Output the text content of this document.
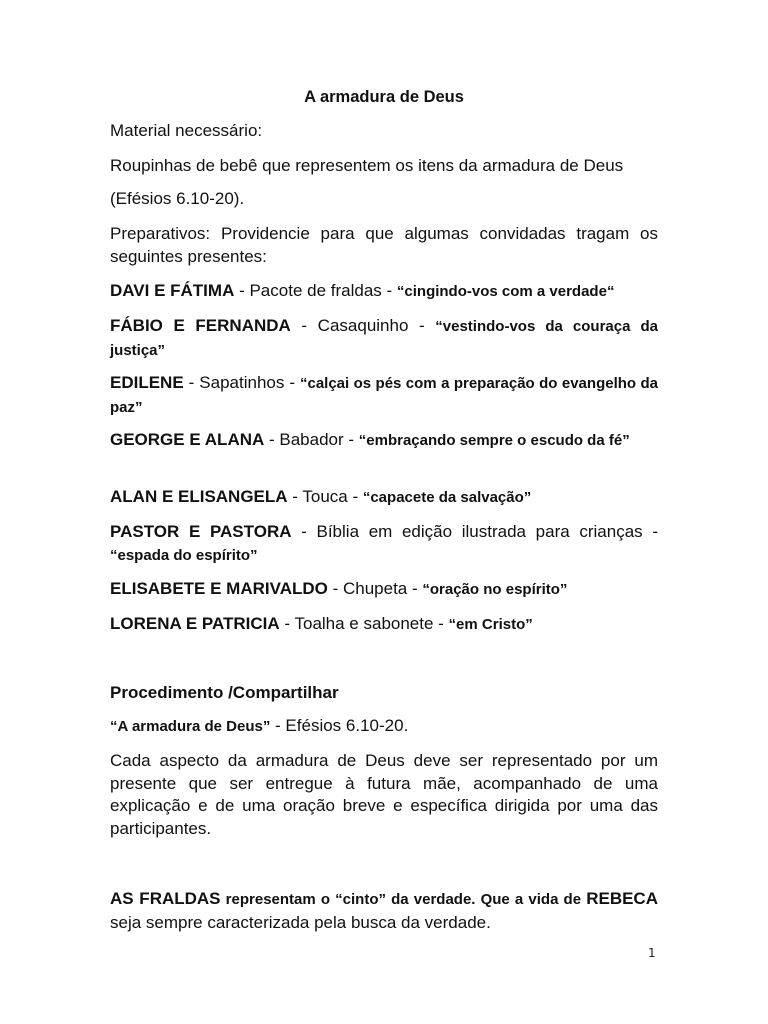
A armadura de Deus
Material necessário:
Roupinhas de bebê que representem os itens da armadura de Deus
(Efésios 6.10-20).
Preparativos: Providencie para que algumas convidadas tragam os seguintes presentes:
DAVI E FÁTIMA - Pacote de fraldas - “cingindo-vos com a verdade“
FÁBIO E FERNANDA - Casaquinho - “vestindo-vos da couraça da justiça”
EDILENE - Sapatinhos - “calçai os pés com a preparação do evangelho da paz”
GEORGE E ALANA - Babador - “embraçando sempre o escudo da fé”
ALAN E ELISANGELA - Touca - “capacete da salvação”
PASTOR E PASTORA - Bíblia em edição ilustrada para crianças - “espada do espírito”
ELISABETE E MARIVALDO - Chupeta - “oração no espírito”
LORENA E PATRICIA - Toalha e sabonete - “em Cristo”
Procedimento /Compartilhar
“A armadura de Deus” - Efésios 6.10-20.
Cada aspecto da armadura de Deus deve ser representado por um presente que ser entregue à futura mãe, acompanhado de uma explicação e de uma oração breve e específica dirigida por uma das participantes.
AS FRALDAS representam o “cinto” da verdade. Que a vida de REBECA seja sempre caracterizada pela busca da verdade.
1
